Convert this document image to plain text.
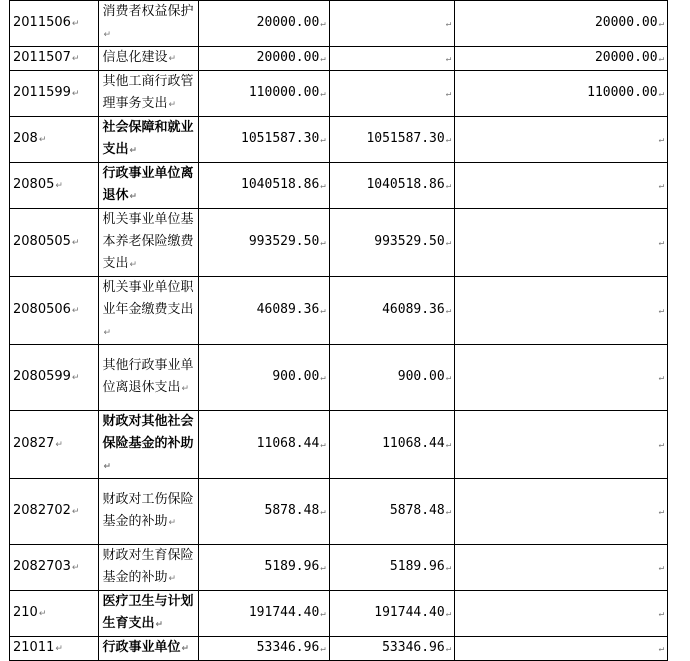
2011506↵	消费者权益保护↵	20000.00↵	↵	20000.00↵
2011507↵	信息化建设↵	20000.00↵	↵	20000.00↵
2011599↵	其他工商行政管理事务支出↵	110000.00↵	↵	110000.00↵
208↵	社会保障和就业支出↵	1051587.30↵	1051587.30↵	↵
20805↵	行政事业单位离退休↵	1040518.86↵	1040518.86↵	↵
2080505↵	机关事业单位基本养老保险缴费支出↵	993529.50↵	993529.50↵	↵
2080506↵	机关事业单位职业年金缴费支出↵	46089.36↵	46089.36↵	↵
2080599↵	其他行政事业单位离退休支出↵	900.00↵	900.00↵	↵
20827↵	财政对其他社会保险基金的补助↵	11068.44↵	11068.44↵	↵
2082702↵	财政对工伤保险基金的补助↵	5878.48↵	5878.48↵	↵
2082703↵	财政对生育保险基金的补助↵	5189.96↵	5189.96↵	↵
210↵	医疗卫生与计划生育支出↵	191744.40↵	191744.40↵	↵
21011↵	行政事业单位↵	53346.96↵	53346.96↵	↵
